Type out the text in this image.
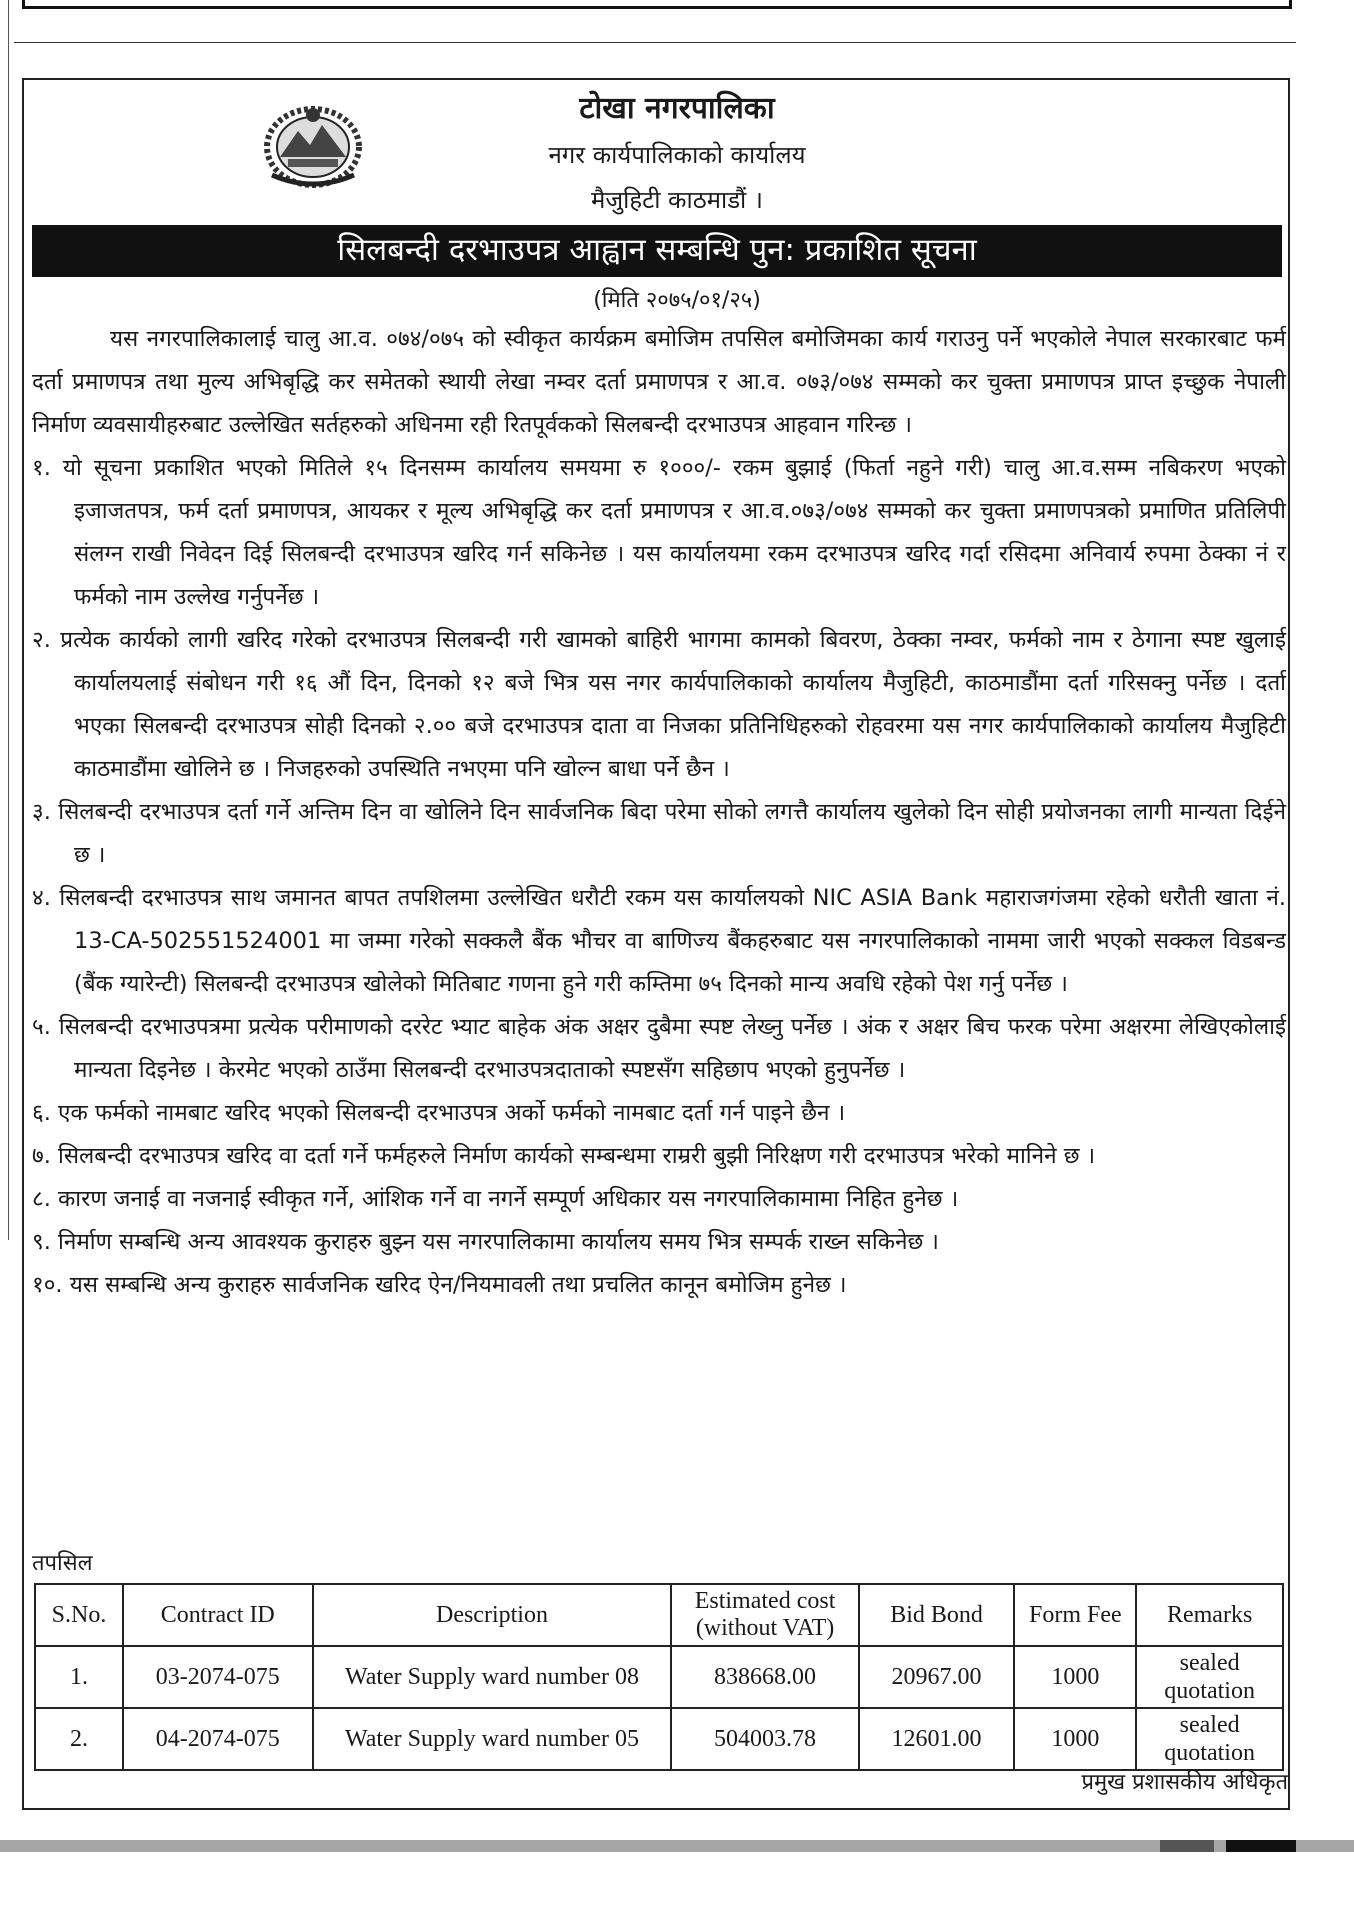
टोखा नगरपालिका
नगर कार्यपालिकाको कार्यालय
मैजुहिटी काठमाडौं ।
सिलबन्दी दरभाउपत्र आह्वान सम्बन्धि पुन: प्रकाशित सूचना
(मिति २०७५/०१/२५)

यस नगरपालिकालाई चालु आ.व. ०७४/०७५ को स्वीकृत कार्यक्रम बमोजिम तपसिल बमोजिमका कार्य गराउनु पर्ने भएकोले नेपाल सरकारबाट फर्म दर्ता प्रमाणपत्र तथा मुल्य अभिबृद्धि कर समेतको स्थायी लेखा नम्वर दर्ता प्रमाणपत्र र आ.व. ०७३/०७४ सम्मको कर चुक्ता प्रमाणपत्र प्राप्त इच्छुक नेपाली निर्माण व्यवसायीहरुबाट उल्लेखित सर्तहरुको अधिनमा रही रितपूर्वकको सिलबन्दी दरभाउपत्र आहवान गरिन्छ ।

१. यो सूचना प्रकाशित भएको मितिले १५ दिनसम्म कार्यालय समयमा रु १०००/- रकम बुझाई (फिर्ता नहुने गरी) चालु आ.व.सम्म नबिकरण भएको इजाजतपत्र, फर्म दर्ता प्रमाणपत्र, आयकर र मूल्य अभिबृद्धि कर दर्ता प्रमाणपत्र र आ.व.०७३/०७४ सम्मको कर चुक्ता प्रमाणपत्रको प्रमाणित प्रतिलिपी संलग्न राखी निवेदन दिई सिलबन्दी दरभाउपत्र खरिद गर्न सकिनेछ । यस कार्यालयमा रकम दरभाउपत्र खरिद गर्दा रसिदमा अनिवार्य रुपमा ठेक्का नं र फर्मको नाम उल्लेख गर्नुपर्नेछ ।

२. प्रत्येक कार्यको लागी खरिद गरेको दरभाउपत्र सिलबन्दी गरी खामको बाहिरी भागमा कामको बिवरण, ठेक्का नम्वर, फर्मको नाम र ठेगाना स्पष्ट खुलाई कार्यालयलाई संबोधन गरी १६ औं दिन, दिनको १२ बजे भित्र यस नगर कार्यपालिकाको कार्यालय मैजुहिटी, काठमाडौंमा दर्ता गरिसक्नु पर्नेछ । दर्ता भएका सिलबन्दी दरभाउपत्र सोही दिनको २.०० बजे दरभाउपत्र दाता वा निजका प्रतिनिधिहरुको रोहवरमा यस नगर कार्यपालिकाको कार्यालय मैजुहिटी काठमाडौंमा खोलिने छ । निजहरुको उपस्थिति नभएमा पनि खोल्न बाधा पर्ने छैन ।

३. सिलबन्दी दरभाउपत्र दर्ता गर्ने अन्तिम दिन वा खोलिने दिन सार्वजनिक बिदा परेमा सोको लगत्तै कार्यालय खुलेको दिन सोही प्रयोजनका लागी मान्यता दिईने छ ।

४. सिलबन्दी दरभाउपत्र साथ जमानत बापत तपशिलमा उल्लेखित धरौटी रकम यस कार्यालयको NIC ASIA Bank महाराजगंजमा रहेको धरौती खाता नं. 13-CA-502551524001 मा जम्मा गरेको सक्कलै बैंक भौचर वा बाणिज्य बैंकहरुबाट यस नगरपालिकाको नाममा जारी भएको सक्कल विडबन्ड (बैंक ग्यारेन्टी) सिलबन्दी दरभाउपत्र खोलेको मितिबाट गणना हुने गरी कम्तिमा ७५ दिनको मान्य अवधि रहेको पेश गर्नु पर्नेछ ।

५. सिलबन्दी दरभाउपत्रमा प्रत्येक परीमाणको दररेट भ्याट बाहेक अंक अक्षर दुबैमा स्पष्ट लेख्नु पर्नेछ । अंक र अक्षर बिच फरक परेमा अक्षरमा लेखिएकोलाई मान्यता दिइनेछ । केरमेट भएको ठाउँमा सिलबन्दी दरभाउपत्रदाताको स्पष्टसँग सहिछाप भएको हुनुपर्नेछ ।

६. एक फर्मको नामबाट खरिद भएको सिलबन्दी दरभाउपत्र अर्को फर्मको नामबाट दर्ता गर्न पाइने छैन ।

७. सिलबन्दी दरभाउपत्र खरिद वा दर्ता गर्ने फर्महरुले निर्माण कार्यको सम्बन्धमा राम्ररी बुझी निरिक्षण गरी दरभाउपत्र भरेको मानिने छ ।

८. कारण जनाई वा नजनाई स्वीकृत गर्ने, आंशिक गर्ने वा नगर्ने सम्पूर्ण अधिकार यस नगरपालिकामामा निहित हुनेछ ।

९. निर्माण सम्बन्धि अन्य आवश्यक कुराहरु बुझ्न यस नगरपालिकामा कार्यालय समय भित्र सम्पर्क राख्न सकिनेछ ।

१०. यस सम्बन्धि अन्य कुराहरु सार्वजनिक खरिद ऐन/नियमावली तथा प्रचलित कानून बमोजिम हुनेछ ।

तपसिल
S.No.	Contract ID	Description	Estimated cost (without VAT)	Bid Bond	Form Fee	Remarks
1.	03-2074-075	Water Supply ward number 08	838668.00	20967.00	1000	sealed quotation
2.	04-2074-075	Water Supply ward number 05	504003.78	12601.00	1000	sealed quotation
प्रमुख प्रशासकीय अधिकृत
